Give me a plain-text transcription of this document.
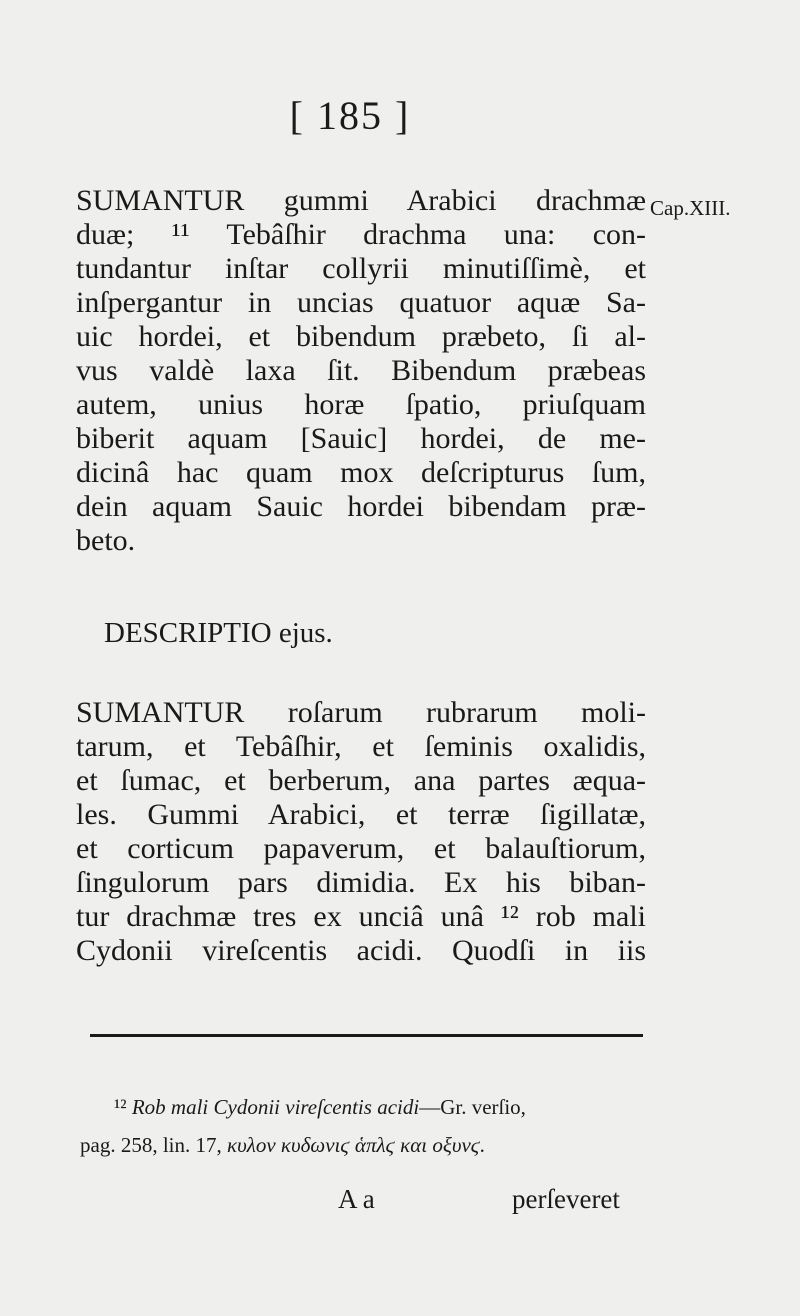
[ 185 ]
Cap.XIII.
SUMANTUR gummi Arabici drachmæ
duæ; ¹¹ Tebâſhir drachma una: con-
tundantur inſtar collyrii minutiſſimè, et
inſpergantur in uncias quatuor aquæ Sa-
uic hordei, et bibendum præbeto, ſi al-
vus valdè laxa ſit. Bibendum præbeas
autem, unius horæ ſpatio, priuſquam
biberit aquam [Sauic] hordei, de me-
dicinâ hac quam mox deſcripturus ſum,
dein aquam Sauic hordei bibendam præ-
beto.
DESCRIPTIO ejus.
SUMANTUR roſarum rubrarum moli-
tarum, et Tebâſhir, et ſeminis oxalidis,
et ſumac, et berberum, ana partes æqua-
les. Gummi Arabici, et terræ ſigillatæ,
et corticum papaverum, et balauſtiorum,
ſingulorum pars dimidia. Ex his biban-
tur drachmæ tres ex unciâ unâ ¹² rob mali
Cydonii vireſcentis acidi. Quodſi in iis
¹² Rob mali Cydonii vireſcentis acidi—Gr. verſio,
pag. 258, lin. 17, κυλον κυδωνιϛ ἁπλϛ και οξυνϛ.
A a	perſeveret
